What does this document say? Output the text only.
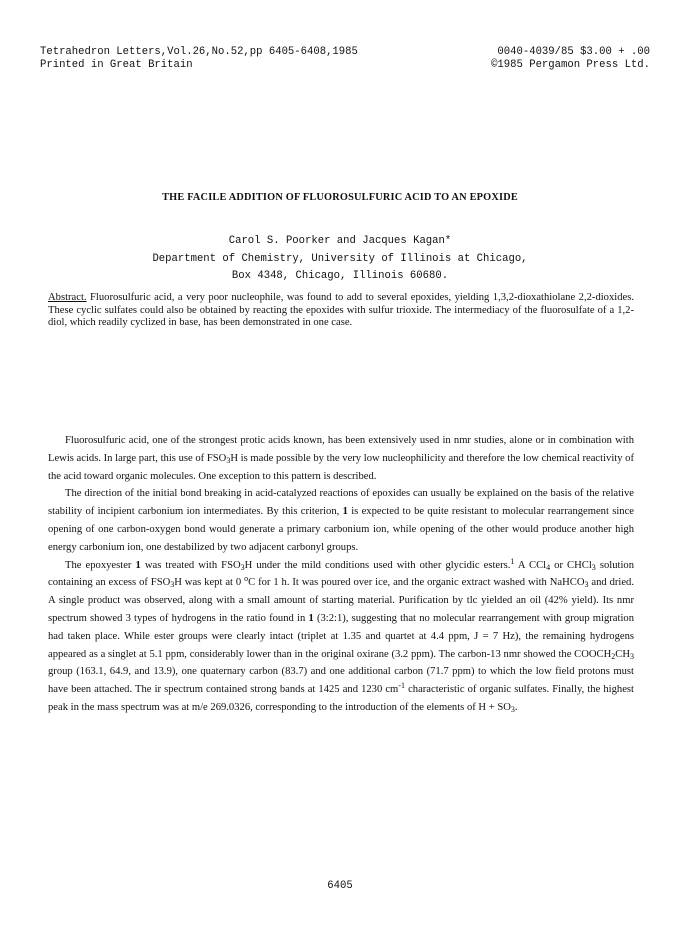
Tetrahedron Letters,Vol.26,No.52,pp 6405-6408,1985	0040-4039/85 $3.00 + .00
Printed in Great Britain	©1985 Pergamon Press Ltd.
THE FACILE ADDITION OF FLUOROSULFURIC ACID TO AN EPOXIDE
Carol S. Poorker and Jacques Kagan*
Department of Chemistry, University of Illinois at Chicago,
Box 4348, Chicago, Illinois 60680.
Abstract. Fluorosulfuric acid, a very poor nucleophile, was found to add to several epoxides, yielding 1,3,2-dioxathiolane 2,2-dioxides. These cyclic sulfates could also be obtained by reacting the epoxides with sulfur trioxide. The intermediacy of the fluorosulfate of a 1,2-diol, which readily cyclized in base, has been demonstrated in one case.

Fluorosulfuric acid, one of the strongest protic acids known, has been extensively used in nmr studies, alone or in combination with Lewis acids. In large part, this use of $FSO_3H$ is made possible by the very low nucleophilicity and therefore the low chemical reactivity of the acid toward organic molecules. One exception to this pattern is described.

The direction of the initial bond breaking in acid-catalyzed reactions of epoxides can usually be explained on the basis of the relative stability of incipient carbonium ion intermediates. By this criterion, 1 is expected to be quite resistant to molecular rearrangement since opening of one carbon-oxygen bond would generate a primary carbonium ion, while opening of the other would produce another high energy carbonium ion, one destabilized by two adjacent carbonyl groups.

The epoxyester 1 was treated with $FSO_3H$ under the mild conditions used with other glycidic esters.$^1$ A CCl$_4$ or CHCl$_3$ solution containing an excess of $FSO_3H$ was kept at 0 $^o$C for 1 h. It was poured over ice, and the organic extract washed with NaHCO$_3$ and dried. A single product was observed, along with a small amount of starting material. Purification by tlc yielded an oil (42% yield). Its nmr spectrum showed 3 types of hydrogens in the ratio found in 1 (3:2:1), suggesting that no molecular rearrangement with group migration had taken place. While ester groups were clearly intact (triplet at 1.35 and quartet at 4.4 ppm, J = 7 Hz), the remaining hydrogens appeared as a singlet at 5.1 ppm, considerably lower than in the original oxirane (3.2 ppm). The carbon-13 nmr showed the $COOCH_2CH_3$ group (163.1, 64.9, and 13.9), one quaternary carbon (83.7) and one additional carbon (71.7 ppm) to which the low field protons must have been attached. The ir spectrum contained strong bands at 1425 and 1230 $cm^{-1}$ characteristic of organic sulfates. Finally, the highest peak in the mass spectrum was at m/e 269.0326, corresponding to the introduction of the elements of $H + SO_3$.

6405
